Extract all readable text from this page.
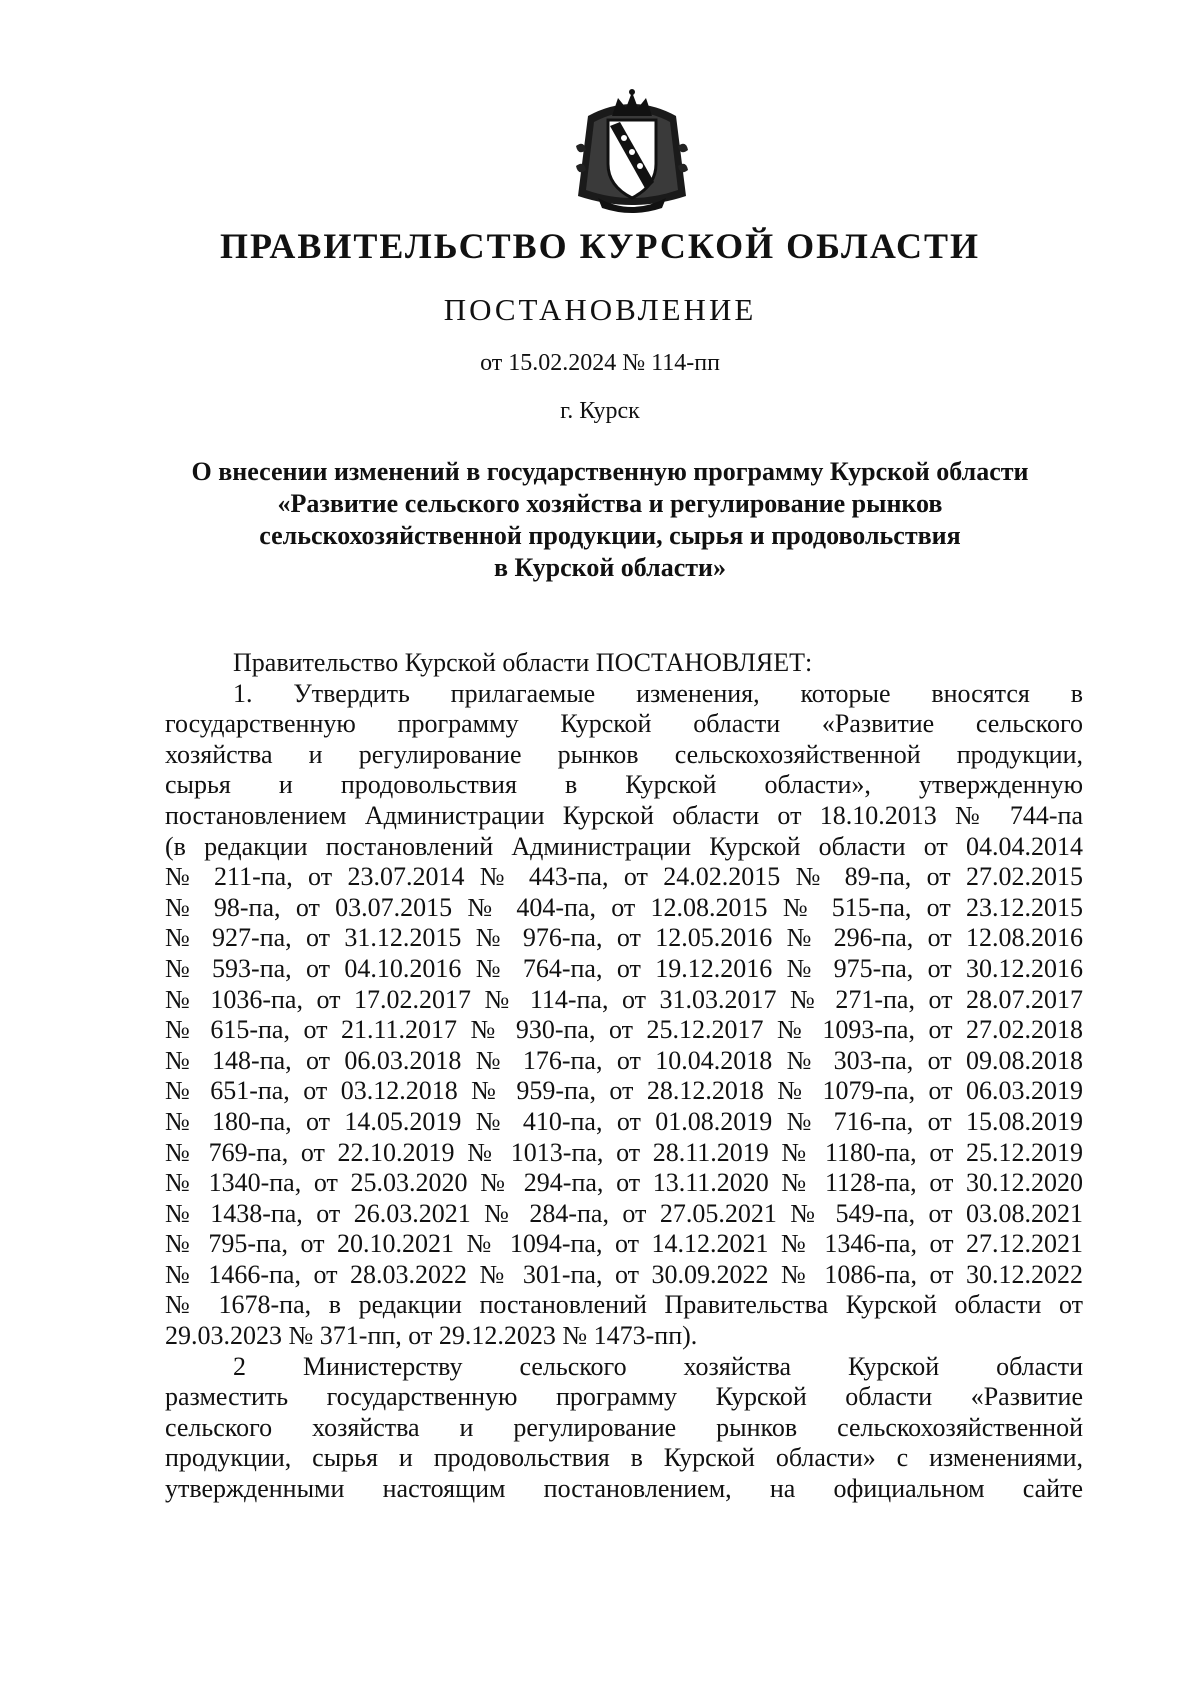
ПРАВИТЕЛЬСТВО КУРСКОЙ ОБЛАСТИ
ПОСТАНОВЛЕНИЕ
от 15.02.2024 № 114-пп
г. Курск
О внесении изменений в государственную программу Курской области
«Развитие сельского хозяйства и регулирование рынков
сельскохозяйственной продукции, сырья и продовольствия
в Курской области»
Правительство Курской области ПОСТАНОВЛЯЕТ:
1. Утвердить прилагаемые изменения, которые вносятся в
государственную программу Курской области «Развитие сельского
хозяйства и регулирование рынков сельскохозяйственной продукции,
сырья и продовольствия в Курской области», утвержденную
постановлением Администрации Курской области от 18.10.2013 № 744-па
(в редакции постановлений Администрации Курской области от 04.04.2014
№ 211-па, от 23.07.2014 № 443-па, от 24.02.2015 № 89-па, от 27.02.2015
№ 98-па, от 03.07.2015 № 404-па, от 12.08.2015 № 515-па, от 23.12.2015
№ 927-па, от 31.12.2015 № 976-па, от 12.05.2016 № 296-па, от 12.08.2016
№ 593-па, от 04.10.2016 № 764-па, от 19.12.2016 № 975-па, от 30.12.2016
№ 1036-па, от 17.02.2017 № 114-па, от 31.03.2017 № 271-па, от 28.07.2017
№ 615-па, от 21.11.2017 № 930-па, от 25.12.2017 № 1093-па, от 27.02.2018
№ 148-па, от 06.03.2018 № 176-па, от 10.04.2018 № 303-па, от 09.08.2018
№ 651-па, от 03.12.2018 № 959-па, от 28.12.2018 № 1079-па, от 06.03.2019
№ 180-па, от 14.05.2019 № 410-па, от 01.08.2019 № 716-па, от 15.08.2019
№ 769-па, от 22.10.2019 № 1013-па, от 28.11.2019 № 1180-па, от 25.12.2019
№ 1340-па, от 25.03.2020 № 294-па, от 13.11.2020 № 1128-па, от 30.12.2020
№ 1438-па, от 26.03.2021 № 284-па, от 27.05.2021 № 549-па, от 03.08.2021
№ 795-па, от 20.10.2021 № 1094-па, от 14.12.2021 № 1346-па, от 27.12.2021
№ 1466-па, от 28.03.2022 № 301-па, от 30.09.2022 № 1086-па, от 30.12.2022
№ 1678-па, в редакции постановлений Правительства Курской области от
29.03.2023 № 371-пп, от 29.12.2023 № 1473-пп).
2 Министерству сельского хозяйства Курской области
разместить государственную программу Курской области «Развитие
сельского хозяйства и регулирование рынков сельскохозяйственной
продукции, сырья и продовольствия в Курской области» с изменениями,
утвержденными настоящим постановлением, на официальном сайте
